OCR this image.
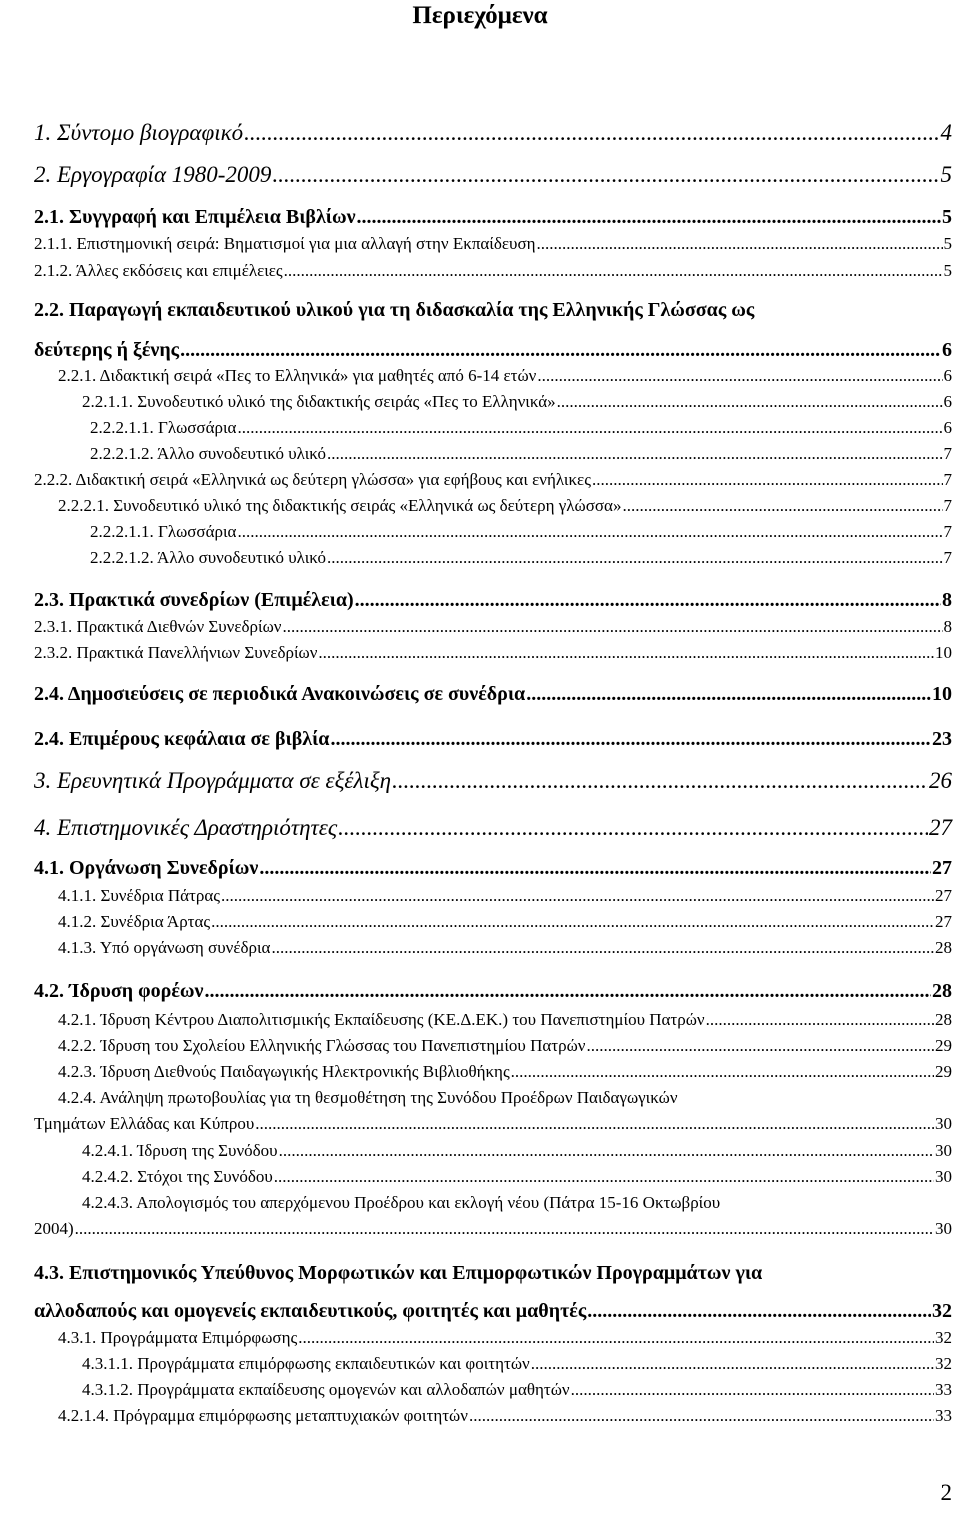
Περιεχόμενα
1. Σύντομο βιογραφικό .....	4
2. Εργογραφία 1980-2009 .....	5
2.1. Συγγραφή και Επιμέλεια Βιβλίων .....	5
2.1.1. Επιστημονική σειρά: Βηματισμοί για μια αλλαγή στην Εκπαίδευση .....	5
2.1.2. Άλλες εκδόσεις και επιμέλειες .....	5
2.2. Παραγωγή εκπαιδευτικού υλικού για τη διδασκαλία της Ελληνικής Γλώσσας ως
δεύτερης ή ξένης .....	6
2.2.1. Διδακτική σειρά «Πες το Ελληνικά» για μαθητές από 6-14 ετών .....	6
2.2.1.1. Συνοδευτικό υλικό της διδακτικής σειράς «Πες το Ελληνικά» .....	6
2.2.2.1.1. Γλωσσάρια .....	6
2.2.2.1.2. Άλλο συνοδευτικό υλικό .....	7
2.2.2. Διδακτική σειρά «Ελληνικά ως δεύτερη γλώσσα» για εφήβους και ενήλικες .....	7
2.2.2.1. Συνοδευτικό υλικό της διδακτικής σειράς «Ελληνικά ως δεύτερη γλώσσα» .....	7
2.2.2.1.1. Γλωσσάρια .....	7
2.2.2.1.2. Άλλο συνοδευτικό υλικό .....	7
2.3. Πρακτικά συνεδρίων (Επιμέλεια) .....	8
2.3.1. Πρακτικά Διεθνών Συνεδρίων .....	8
2.3.2. Πρακτικά Πανελλήνιων Συνεδρίων .....	10
2.4. Δημοσιεύσεις σε περιοδικά Ανακοινώσεις σε συνέδρια .....	10
2.4. Επιμέρους κεφάλαια σε βιβλία .....	23
3. Ερευνητικά Προγράμματα σε εξέλιξη .....	26
4. Επιστημονικές Δραστηριότητες .....	27
4.1. Οργάνωση Συνεδρίων .....	27
4.1.1. Συνέδρια Πάτρας .....	27
4.1.2. Συνέδρια Άρτας .....	27
4.1.3. Υπό οργάνωση συνέδρια .....	28
4.2. Ίδρυση φορέων .....	28
4.2.1. Ίδρυση Κέντρου Διαπολιτισμικής Εκπαίδευσης (ΚΕ.Δ.ΕΚ.) του Πανεπιστημίου Πατρών .....	28
4.2.2. Ίδρυση του Σχολείου Ελληνικής Γλώσσας του Πανεπιστημίου Πατρών .....	29
4.2.3. Ίδρυση Διεθνούς Παιδαγωγικής Ηλεκτρονικής Βιβλιοθήκης .....	29
4.2.4. Ανάληψη πρωτοβουλίας για τη θεσμοθέτηση της Συνόδου Προέδρων Παιδαγωγικών
Τμημάτων Ελλάδας και Κύπρου .....	30
4.2.4.1. Ίδρυση της Συνόδου .....	30
4.2.4.2. Στόχοι της Συνόδου .....	30
4.2.4.3. Απολογισμός του απερχόμενου Προέδρου και εκλογή νέου (Πάτρα 15-16 Οκτωβρίου
2004) .....	30
4.3. Επιστημονικός Υπεύθυνος Μορφωτικών και Επιμορφωτικών Προγραμμάτων για
αλλοδαπούς και ομογενείς εκπαιδευτικούς, φοιτητές και μαθητές .....	32
4.3.1. Προγράμματα Επιμόρφωσης .....	32
4.3.1.1. Προγράμματα επιμόρφωσης εκπαιδευτικών και φοιτητών .....	32
4.3.1.2. Προγράμματα εκπαίδευσης ομογενών και αλλοδαπών μαθητών .....	33
4.2.1.4. Πρόγραμμα επιμόρφωσης μεταπτυχιακών φοιτητών .....	33
2
